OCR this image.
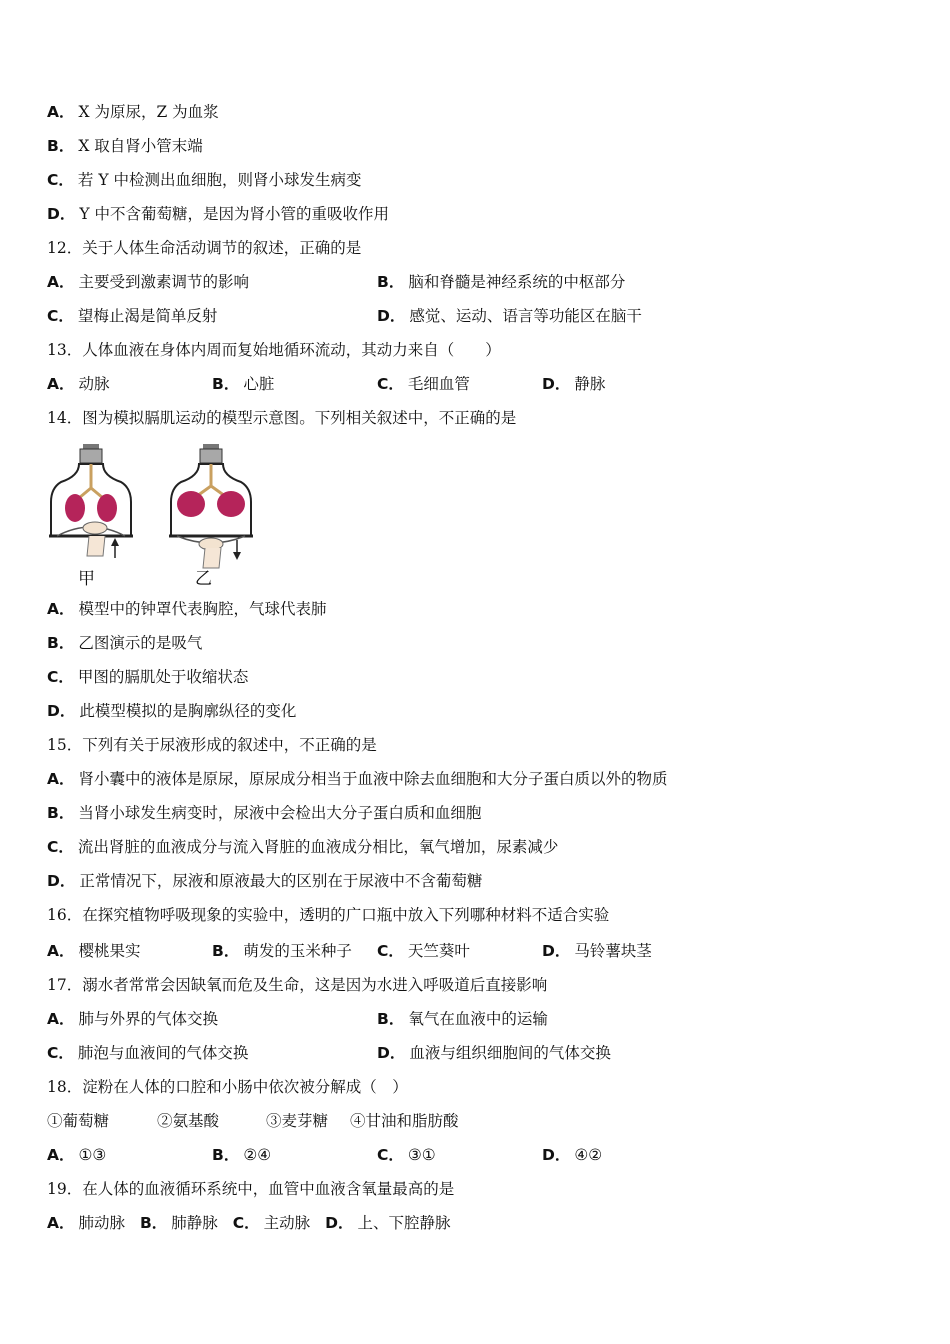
A． X 为原尿，Z 为血浆
B． X 取自肾小管末端
C． 若 Y 中检测出血细胞，则肾小球发生病变
D． Y 中不含葡萄糖，是因为肾小管的重吸收作用
12．关于人体生命活动调节的叙述，正确的是
A． 主要受到激素调节的影响	B． 脑和脊髓是神经系统的中枢部分
C． 望梅止渴是简单反射	D． 感觉、运动、语言等功能区在脑干
13．人体血液在身体内周而复始地循环流动，其动力来自（　　）
A． 动脉	B． 心脏	C． 毛细血管	D． 静脉
14．图为模拟膈肌运动的模型示意图。下列相关叙述中，不正确的是
甲	乙
A． 模型中的钟罩代表胸腔，气球代表肺
B． 乙图演示的是吸气
C． 甲图的膈肌处于收缩状态
D． 此模型模拟的是胸廓纵径的变化
15．下列有关于尿液形成的叙述中，不正确的是
A． 肾小囊中的液体是原尿，原尿成分相当于血液中除去血细胞和大分子蛋白质以外的物质
B． 当肾小球发生病变时，尿液中会检出大分子蛋白质和血细胞
C． 流出肾脏的血液成分与流入肾脏的血液成分相比，氧气增加，尿素减少
D． 正常情况下，尿液和原液最大的区别在于尿液中不含葡萄糖
16．在探究植物呼吸现象的实验中，透明的广口瓶中放入下列哪种材料不适合实验
A． 樱桃果实	B． 萌发的玉米种子 C． 天竺葵叶	D． 马铃薯块茎
17．溺水者常常会因缺氧而危及生命，这是因为水进入呼吸道后直接影响
A． 肺与外界的气体交换	B． 氧气在血液中的运输
C． 肺泡与血液间的气体交换	D． 血液与组织细胞间的气体交换
18．淀粉在人体的口腔和小肠中依次被分解成（　）
①葡萄糖	②氨基酸	③麦芽糖 ④甘油和脂肪酸
A． ①③	B． ②④	C． ③①	D． ④②
19．在人体的血液循环系统中，血管中血液含氧量最高的是
A． 肺动脉 B． 肺静脉 C． 主动脉 D． 上、下腔静脉
